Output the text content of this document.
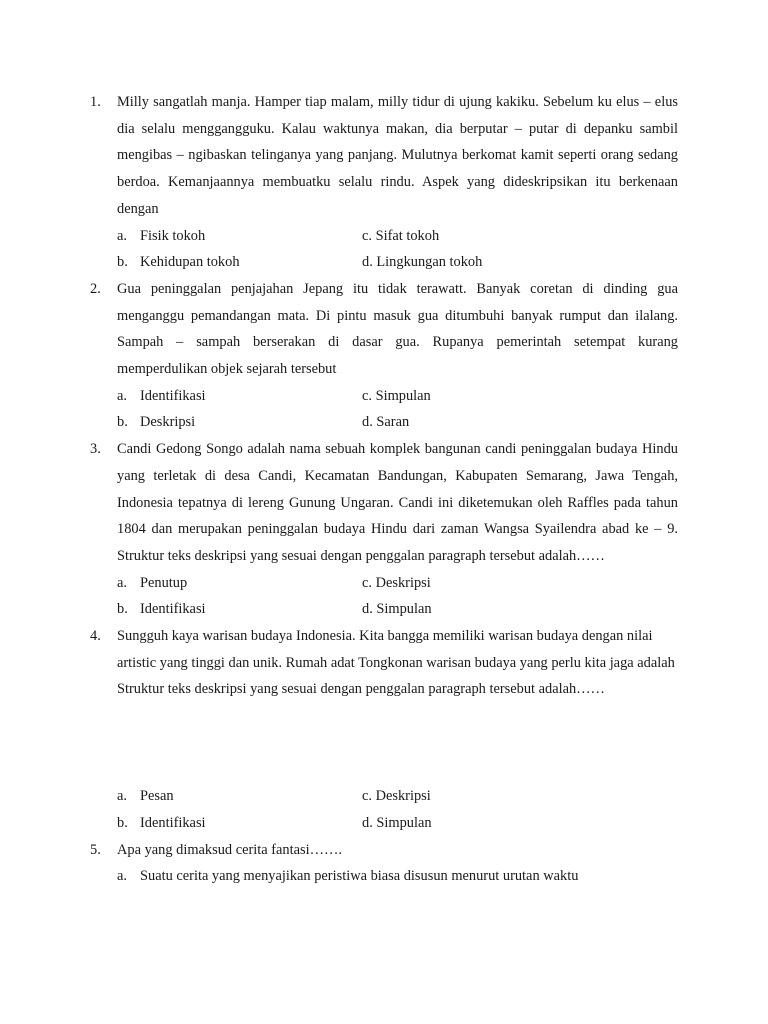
1.	Milly sangatlah manja. Hamper tiap malam, milly tidur di ujung kakiku. Sebelum ku elus – elus dia selalu menggangguku. Kalau waktunya makan, dia berputar – putar di depanku sambil mengibas – ngibaskan telinganya yang panjang. Mulutnya berkomat kamit seperti orang sedang berdoa. Kemanjaannya membuatku selalu rindu. Aspek yang dideskripsikan itu berkenaan dengan
a. Fisik tokoh	c. Sifat tokoh
b. Kehidupan tokoh	d. Lingkungan tokoh
2.	Gua peninggalan penjajahan Jepang itu tidak terawatt. Banyak coretan di dinding gua menganggu pemandangan mata. Di pintu masuk gua ditumbuhi banyak rumput dan ilalang. Sampah – sampah berserakan di dasar gua. Rupanya pemerintah setempat kurang memperdulikan objek sejarah tersebut
a. Identifikasi	c. Simpulan
b. Deskripsi	d. Saran
3.	Candi Gedong Songo adalah nama sebuah komplek bangunan candi peninggalan budaya Hindu yang terletak di desa Candi, Kecamatan Bandungan, Kabupaten Semarang, Jawa Tengah, Indonesia tepatnya di lereng Gunung Ungaran. Candi ini diketemukan oleh Raffles pada tahun 1804 dan merupakan peninggalan budaya Hindu dari zaman Wangsa Syailendra abad ke – 9. Struktur teks deskripsi yang sesuai dengan penggalan paragraph tersebut adalah……
a. Penutup	c. Deskripsi
b. Identifikasi	d. Simpulan
4.	Sungguh kaya warisan budaya Indonesia. Kita bangga memiliki warisan budaya dengan nilai artistic yang tinggi dan unik. Rumah adat Tongkonan warisan budaya yang perlu kita jaga adalah Struktur teks deskripsi yang sesuai dengan penggalan paragraph tersebut adalah……
a. Pesan	c. Deskripsi
b. Identifikasi	d. Simpulan
5.	Apa yang dimaksud cerita fantasi…….
a. Suatu cerita yang menyajikan peristiwa biasa disusun menurut urutan waktu
